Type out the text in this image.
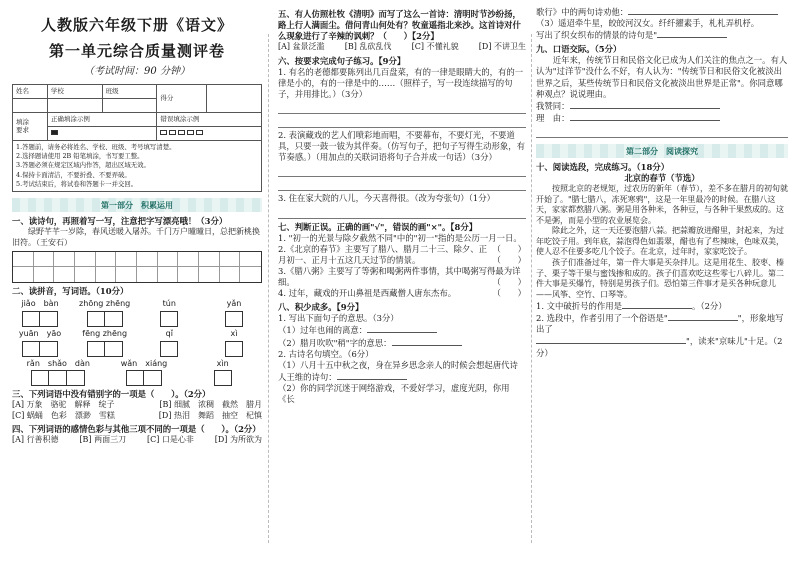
人教版六年级下册《语文》
第一单元综合质量测评卷
（考试时间：90 分钟）
姓名	学校	班级	得分	

填涂
要求	正确填涂示例		错误填涂示例	

1.答题前，请务必将姓名、学校、班级、考号填写清楚。
2.选择题请使用 2B 铅笔填涂，书写要工整。
3.答题必须在规定区域内作答，超出区域无效。
4.保持卡面清洁，不要折叠、不要弄破。
5.考试结束后，将试卷和答题卡一并交回。
第一部分　积累运用
一、读诗句，再照着写一写，注意把字写漂亮哦！（3分）
绿野芊芊一岁除，春风送暖入屠苏。千门万户曈曈日，总把新桃换旧符。（王安石）
二、读拼音，写词语。（10分）
jiǎo　bàn	zhōng zhēng	tún	yǎn
yuān　yāo	fēng zhēng	qǐ	xì
rǎn　shǎo　dàn	wǎn　xiáng	xìn
三、下列词语中没有错别字的一项是（　　）。（2分）
[A] 万象　骆驼　解释　绽子	[B] 细腻　浓稠　截然　腊月
[C] 蜗蛹　色彩　漂渺　雪糕	[D] 热泪　舞蹈　抽空　杞慎
四、下列词语的感情色彩与其他三项不同的一项是（　　）。（2分）
[A] 行善积德	[B] 两面三刀	[C] 口是心非	[D] 为所欲为
五、有人仿照杜牧《清明》而写了这么一首诗：清明时节沙纷扬，路上行人满面尘。借问青山何处有？牧童遥指北来沙。这首诗对什么现象进行了辛辣的讽刺？（　　）【2分】
[A] 盆景泛滥	[B] 乱砍乱伐	[C] 不懂礼貌	[D] 不讲卫生
六、按要求完成句子练习。【9分】
1. 有名的老德都要陈列出几百盘菜，有的一律是眼睛大的，有的一律是小的，有的一律是中的……（照样子，写一段连续描写的句子，并用排比。）（3分）
2. 表演藏戏的艺人们喷彩地而唱，不要幕布，不要灯光，不要道具，只要一鼓一钹为其伴奏。（仿写句子，把句子写得生动形象，有节奏感。）（用加点的关联词语将句子合并成一句话）（3分）
3. 住在家大院的八儿，今天喜得很。（改为夸张句）（1分）
七、判断正误。正确的画"√"，错误的画"×"。【8分】
1. "初一的光景与除夕截然不同"中的"初一"指的是公历一月一日。
（　　）
2.《北京的春节》主要写了腊八、腊月二十三、除夕、正月初一、正月十五这几天过节的情景。	（　　）
3.《腊八粥》主要写了等粥和喝粥两件事情，其中喝粥写得最为详细。	（　　）
4. 过年，藏戏的开山鼻祖是西藏僧人唐东杰布。	（　　）
八、积少成多。【9分】
1. 写出下面句子的意思。（3分）
（1）过年也闹的离意：
（2）腊月吹吹"稍"字的意思：
2. 古诗名句填空。（6分）
（1）八月十五中秋之夜，身在异乡思念亲人的时候会想起唐代诗人王维的诗句：
（2）你的同学沉迷于网络游戏，不爱好学习，虚度光阴，你用《长
歌行》中的两句诗劝他：
（3）遥迢牵牛星，皎皎河汉女。纤纤擢素手，札札弄机杼。
写出了织女织布的情景的诗句是"
九、口语交际。（5分）
近年来，传统节日和民俗文化已成为人们关注的焦点之一。有人认为"过洋节"没什么不好，有人认为："传统节日和民俗文化被淡出世界之后，某些传统节日和民俗文化被淡出世界是正常"。你同意哪种观点？说说理由。
我赞同：
理　由：
第二部分　阅读探究
十、阅读选段，完成练习。（18分）
北京的春节（节选）
按照北京的老规矩，过农历的新年（春节），差不多在腊月的初旬就开始了。"腊七腊八，冻死寒鸦"，这是一年里最冷的时候。在腊八这天，家家都熬腊八粥。粥是用各种米，各种豆，与各种干果熬成的。这不是粥，而是小型的农业展览会。
除此之外，这一天还要泡腊八蒜。把蒜瓣放进醋里，封起来，为过年吃饺子用。到年底，蒜泡得色如翡翠，醋也有了些辣味，色味双美，使人忍不住要多吃几个饺子。在北京，过年时，家家吃饺子。
孩子们准备过年，第一件大事是买杂拌儿。这是用花生、胶枣、榛子、栗子等干果与蜜饯掺和成的。孩子们喜欢吃这些零七八碎儿。第二件大事是买爆竹，特别是男孩子们。恐怕第三件事才是买各种玩意儿——风筝、空竹、口琴等。
1. 文中破折号的作用是	。（2分）
2. 选段中，作者引用了一个俗语是"	"，形象地写出了
"，读来"京味儿"十足。（2分）
